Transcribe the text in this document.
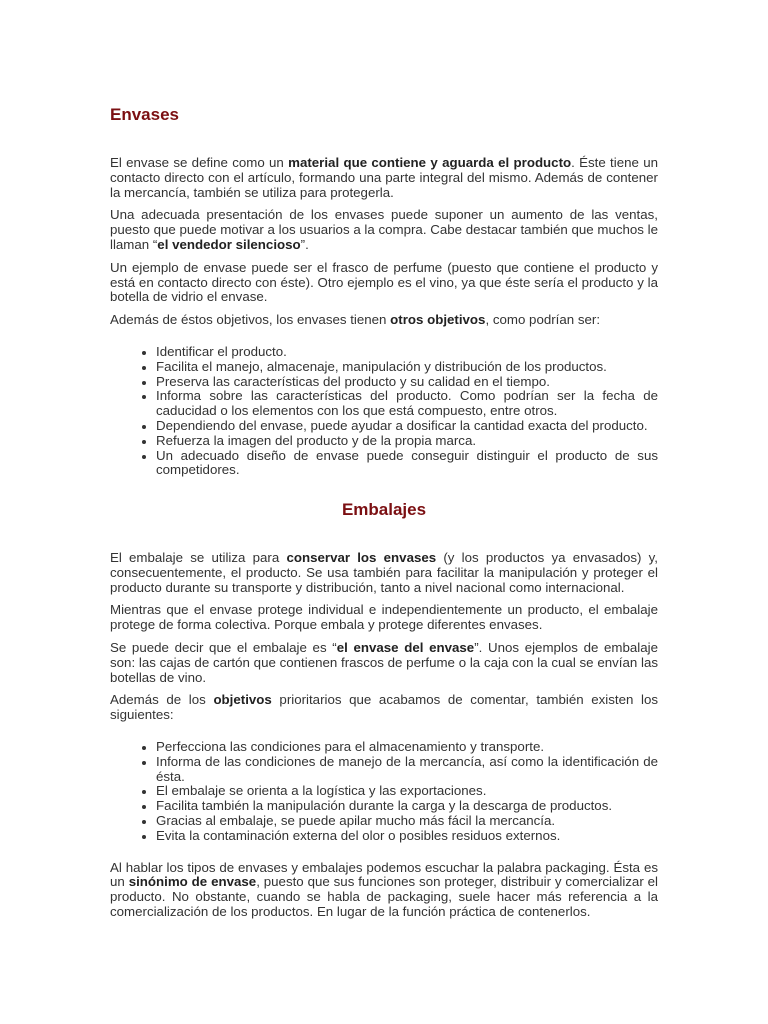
Envases

El envase se define como un material que contiene y aguarda el producto. Éste tiene un contacto directo con el artículo, formando una parte integral del mismo. Además de contener la mercancía, también se utiliza para protegerla.

Una adecuada presentación de los envases puede suponer un aumento de las ventas, puesto que puede motivar a los usuarios a la compra. Cabe destacar también que muchos le llaman “el vendedor silencioso”.

Un ejemplo de envase puede ser el frasco de perfume (puesto que contiene el producto y está en contacto directo con éste). Otro ejemplo es el vino, ya que éste sería el producto y la botella de vidrio el envase.

Además de éstos objetivos, los envases tienen otros objetivos, como podrían ser:

• Identificar el producto.
• Facilita el manejo, almacenaje, manipulación y distribución de los productos.
• Preserva las características del producto y su calidad en el tiempo.
• Informa sobre las características del producto. Como podrían ser la fecha de caducidad o los elementos con los que está compuesto, entre otros.
• Dependiendo del envase, puede ayudar a dosificar la cantidad exacta del producto.
• Refuerza la imagen del producto y de la propia marca.
• Un adecuado diseño de envase puede conseguir distinguir el producto de sus competidores.
Embalajes

El embalaje se utiliza para conservar los envases (y los productos ya envasados) y, consecuentemente, el producto. Se usa también para facilitar la manipulación y proteger el producto durante su transporte y distribución, tanto a nivel nacional como internacional.

Mientras que el envase protege individual e independientemente un producto, el embalaje protege de forma colectiva. Porque embala y protege diferentes envases.

Se puede decir que el embalaje es “el envase del envase”. Unos ejemplos de embalaje son: las cajas de cartón que contienen frascos de perfume o la caja con la cual se envían las botellas de vino.

Además de los objetivos prioritarios que acabamos de comentar, también existen los siguientes:

• Perfecciona las condiciones para el almacenamiento y transporte.
• Informa de las condiciones de manejo de la mercancía, así como la identificación de ésta.
• El embalaje se orienta a la logística y las exportaciones.
• Facilita también la manipulación durante la carga y la descarga de productos.
• Gracias al embalaje, se puede apilar mucho más fácil la mercancía.
• Evita la contaminación externa del olor o posibles residuos externos.

Al hablar los tipos de envases y embalajes podemos escuchar la palabra packaging. Ésta es un sinónimo de envase, puesto que sus funciones son proteger, distribuir y comercializar el producto. No obstante, cuando se habla de packaging, suele hacer más referencia a la comercialización de los productos. En lugar de la función práctica de contenerlos.
